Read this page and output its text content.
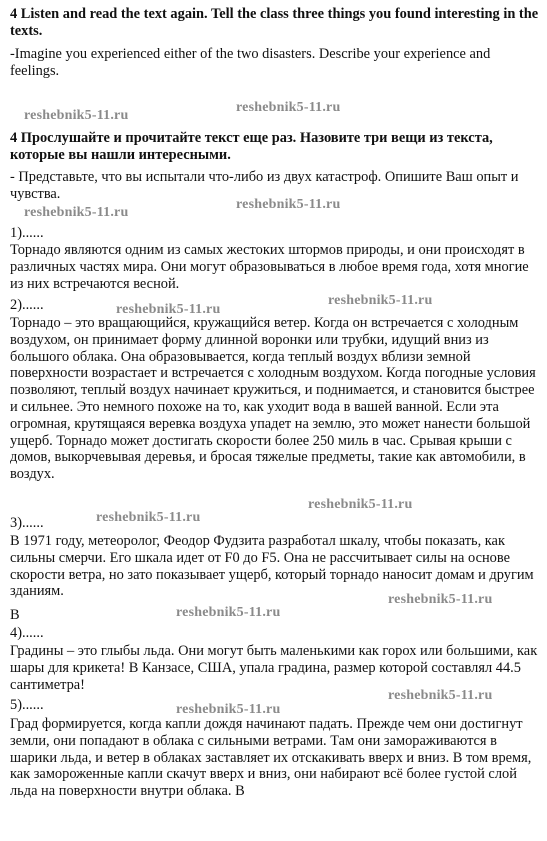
4 Listen and read the text again. Tell the class three things you found interesting in the texts.

-Imagine you experienced either of the two disasters. Describe your experience and feelings.

reshebnik5-11.ru
reshebnik5-11.ru

4 Прослушайте и прочитайте текст еще раз. Назовите три вещи из текста, которые вы нашли интересными.

- Представьте, что вы испытали что-либо из двух катастроф. Опишите Ваш опыт и чувства.

reshebnik5-11.ru
reshebnik5-11.ru

1)......

Торнадо являются одним из самых жестоких штормов природы, и они происходят в различных частях мира. Они могут образовываться в любое время года, хотя многие из них встречаются весной.

2)......	reshebnik5-11.ru
reshebnik5-11.ru

Торнадо – это вращающийся, кружащийся ветер. Когда он встречается с холодным воздухом, он принимает форму длинной воронки или трубки, идущий вниз из большого облака. Она образовывается, когда теплый воздух вблизи земной поверхности возрастает и встречается с холодным воздухом. Когда погодные условия позволяют, теплый воздух начинает кружиться, и поднимается, и становится быстрее и сильнее. Это немного похоже на то, как уходит вода в вашей ванной. Если эта огромная, крутящаяся веревка воздуха упадет на землю, это может нанести большой ущерб. Торнадо может достигать скорости более 250 миль в час. Срывая крыши с домов, выкорчевывая деревья, и бросая тяжелые предметы, такие как автомобили, в воздух.

reshebnik5-11.ru
reshebnik5-11.ru

3)......

В 1971 году, метеоролог, Феодор Фудзита разработал шкалу, чтобы показать, как сильны смерчи. Его шкала идет от F0 до F5. Она не рассчитывает силы на основе скорости ветра, но зато показывает ущерб, который торнадо наносит домам и другим зданиям.

В

reshebnik5-11.ru
reshebnik5-11.ru

4)......

Градины – это глыбы льда. Они могут быть маленькими как горох или большими, как шары для крикета! В Канзасе, США, упала градина, размер которой составлял 44.5 сантиметра!

reshebnik5-11.ru
reshebnik5-11.ru

5)......

Град формируется, когда капли дождя начинают падать. Прежде чем они достигнут земли, они попадают в облака с сильными ветрами. Там они замораживаются в шарики льда, и ветер в облаках заставляет их отскакивать вверх и вниз. В том время, как замороженные капли скачут вверх и вниз, они набирают всё более густой слой льда на поверхности внутри облака. В
